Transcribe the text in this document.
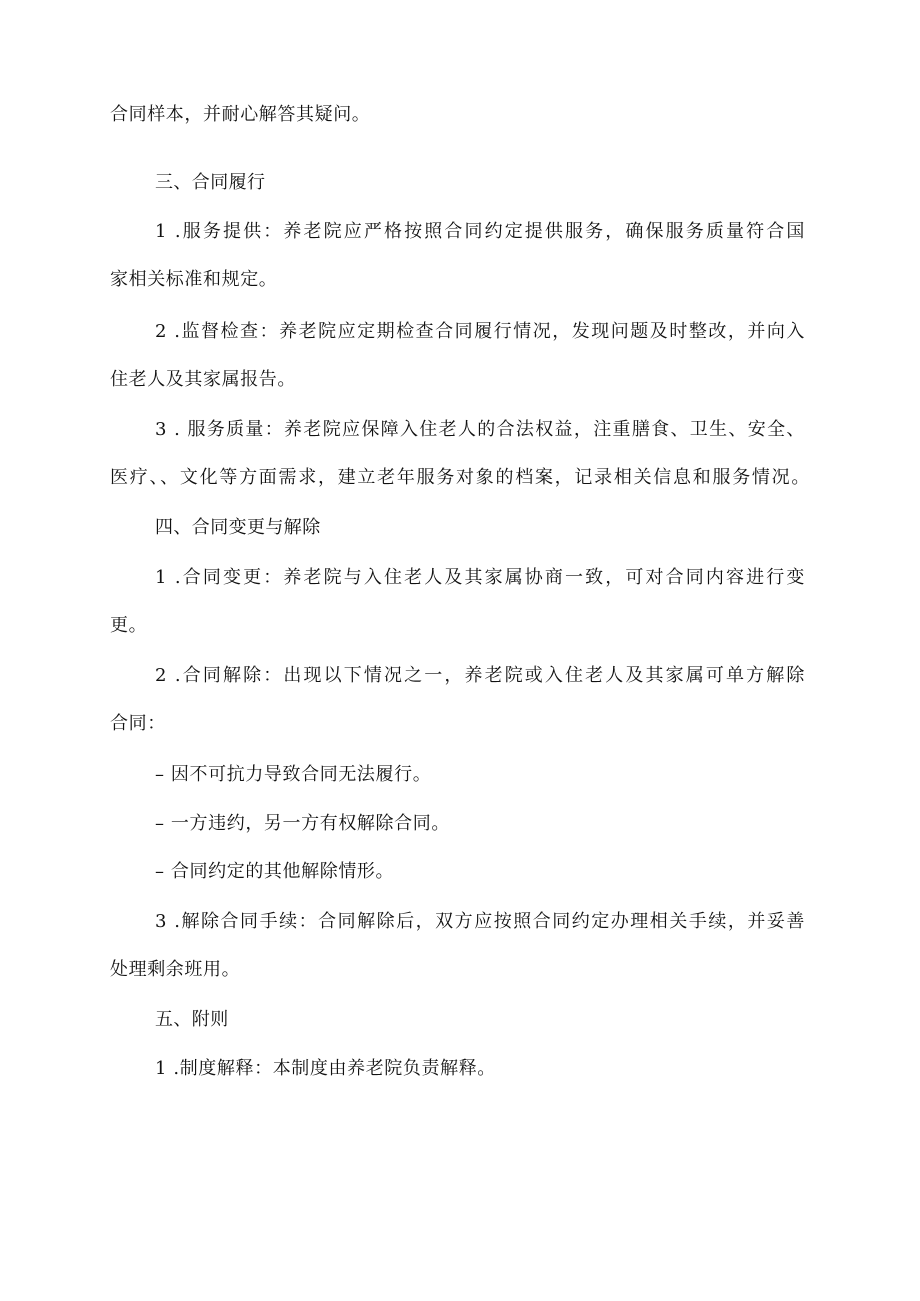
合同样本，并耐心解答其疑问。
三、合同履行
1 .服务提供：养老院应严格按照合同约定提供服务，确保服务质量符合国
家相关标准和规定。
2 .监督检查：养老院应定期检查合同履行情况，发现问题及时整改，并向入
住老人及其家属报告。
3 . 服务质量：养老院应保障入住老人的合法权益，注重膳食、卫生、安全、
医疗、、文化等方面需求，建立老年服务对象的档案，记录相关信息和服务情况。
四、合同变更与解除
1 .合同变更：养老院与入住老人及其家属协商一致，可对合同内容进行变
更。
2 .合同解除：出现以下情况之一，养老院或入住老人及其家属可单方解除
合同：
– 因不可抗力导致合同无法履行。
– 一方违约，另一方有权解除合同。
– 合同约定的其他解除情形。
3 .解除合同手续：合同解除后，双方应按照合同约定办理相关手续，并妥善
处理剩余班用。
五、附则
1 .制度解释：本制度由养老院负责解释。
